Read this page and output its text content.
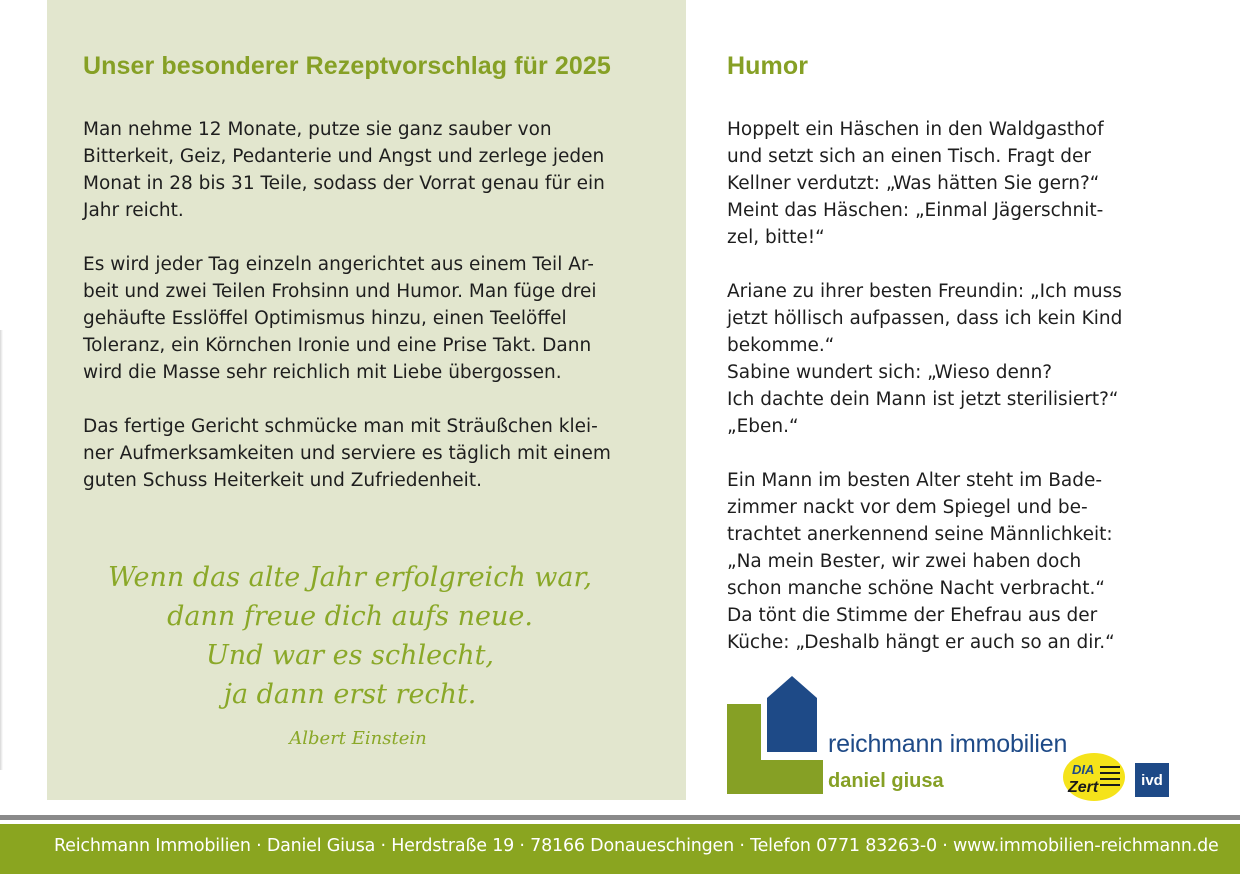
Unser besonderer Rezeptvorschlag für 2025

Man nehme 12 Monate, putze sie ganz sauber von
Bitterkeit, Geiz, Pedanterie und Angst und zerlege jeden
Monat in 28 bis 31 Teile, sodass der Vorrat genau für ein
Jahr reicht.

Es wird jeder Tag einzeln angerichtet aus einem Teil Ar-
beit und zwei Teilen Frohsinn und Humor. Man füge drei
gehäufte Esslöffel Optimismus hinzu, einen Teelöffel
Toleranz, ein Körnchen Ironie und eine Prise Takt. Dann
wird die Masse sehr reichlich mit Liebe übergossen.

Das fertige Gericht schmücke man mit Sträußchen klei-
ner Aufmerksamkeiten und serviere es täglich mit einem
guten Schuss Heiterkeit und Zufriedenheit.

Wenn das alte Jahr erfolgreich war,
dann freue dich aufs neue.
Und war es schlecht,
ja dann erst recht.
Albert Einstein
Humor

Hoppelt ein Häschen in den Waldgasthof
und setzt sich an einen Tisch. Fragt der
Kellner verdutzt: „Was hätten Sie gern?“
Meint das Häschen: „Einmal Jägerschnit-
zel, bitte!“

Ariane zu ihrer besten Freundin: „Ich muss
jetzt höllisch aufpassen, dass ich kein Kind
bekomme.“
Sabine wundert sich: „Wieso denn?
Ich dachte dein Mann ist jetzt sterilisiert?“
„Eben.“

Ein Mann im besten Alter steht im Bade-
zimmer nackt vor dem Spiegel und be-
trachtet anerkennend seine Männlichkeit:
„Na mein Bester, wir zwei haben doch
schon manche schöne Nacht verbracht.“
Da tönt die Stimme der Ehefrau aus der
Küche: „Deshalb hängt er auch so an dir.“

reichmann immobilien
daniel giusa
DIA
Zert	ivd
Reichmann Immobilien · Daniel Giusa · Herdstraße 19 · 78166 Donaueschingen · Telefon 0771 83263-0 · www.immobilien-reichmann.de
